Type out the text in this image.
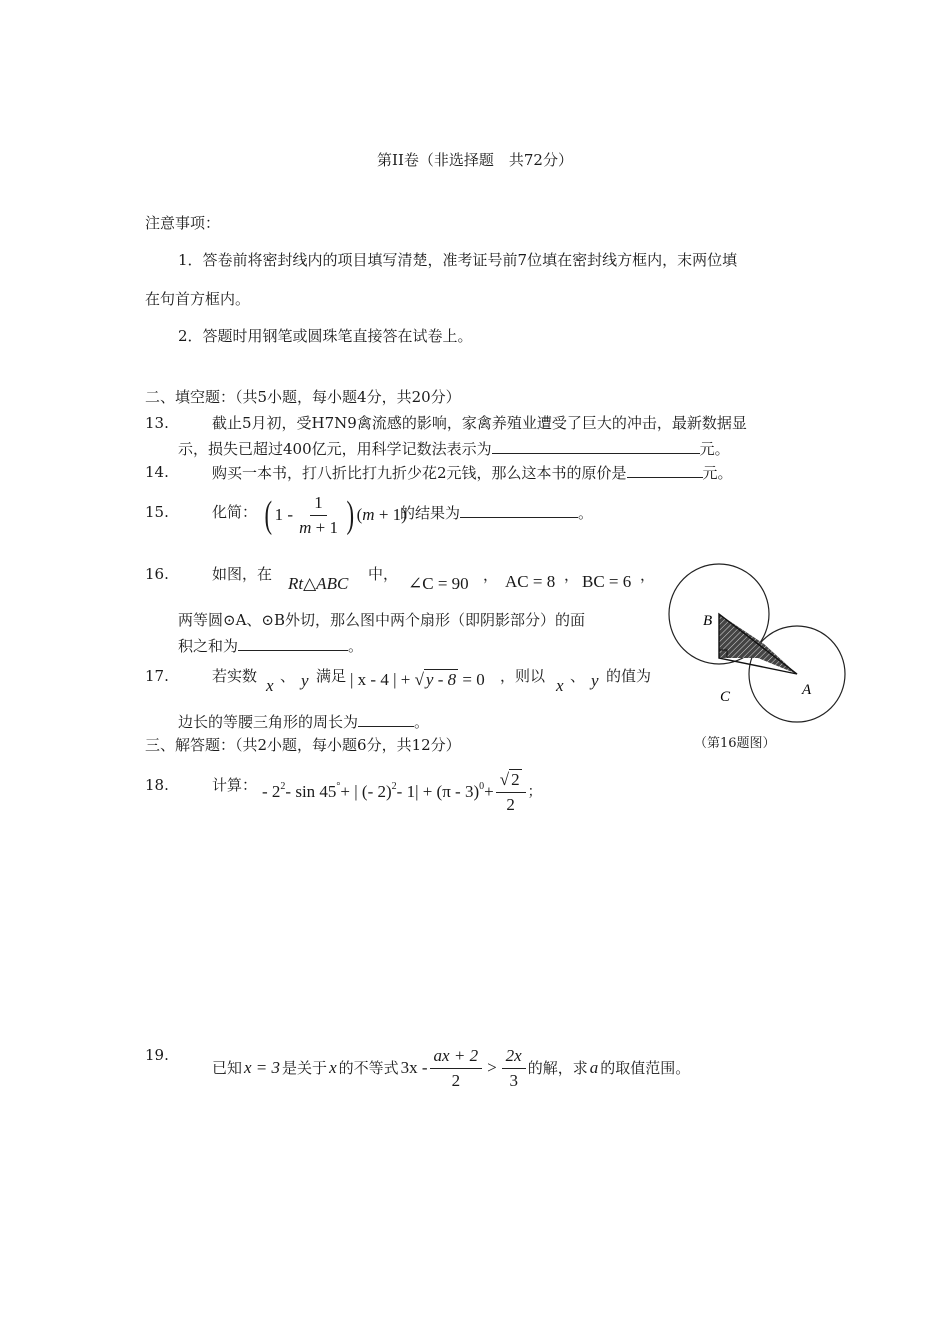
第II卷（非选择题　共72分）
注意事项：
1．答卷前将密封线内的项目填写清楚，准考证号前7位填在密封线方框内，末两位填
在句首方框内。
2．答题时用钢笔或圆珠笔直接答在试卷上。
二、填空题：（共5小题，每小题4分，共20分）
13.	截止5月初，受H7N9禽流感的影响，家禽养殖业遭受了巨大的冲击，最新数据显
示，损失已超过400亿元，用科学记数法表示为	元。
14.	购买一本书，打八折比打九折少花2元钱，那么这本书的原价是	元。
15.	化简： ( $1 - \frac{1}{m + 1}$ ) (m + 1)
的结果为	。
16.	如图，在 Rt△ABC 中， ∠C = 90 ， AC = 8 ， BC = 6 ，
两等圆⊙A、⊙B外切，那么图中两个扇形（即阴影部分）的面
积之和为	。
17.	若实数 x 、 y 满足 | x - 4 | + √ y - 8 = 0 ，则以 x 、 y 的值为
边长的等腰三角形的周长为	。
B
A
C
（第16题图）
三、解答题：（共2小题，每小题6分，共12分）
18.	计算： - $2^2$ - sin 45° + | (- $2)^2 - 1| + (\pi - 3)^0 + \frac{√ 2}{2}$ ；
19.
已知 x = 3 是关于 x 的不等式 $3x - \frac{ax + 2}{2} > \frac{2x}{3}$ 的解，求 a 的取值范围。
